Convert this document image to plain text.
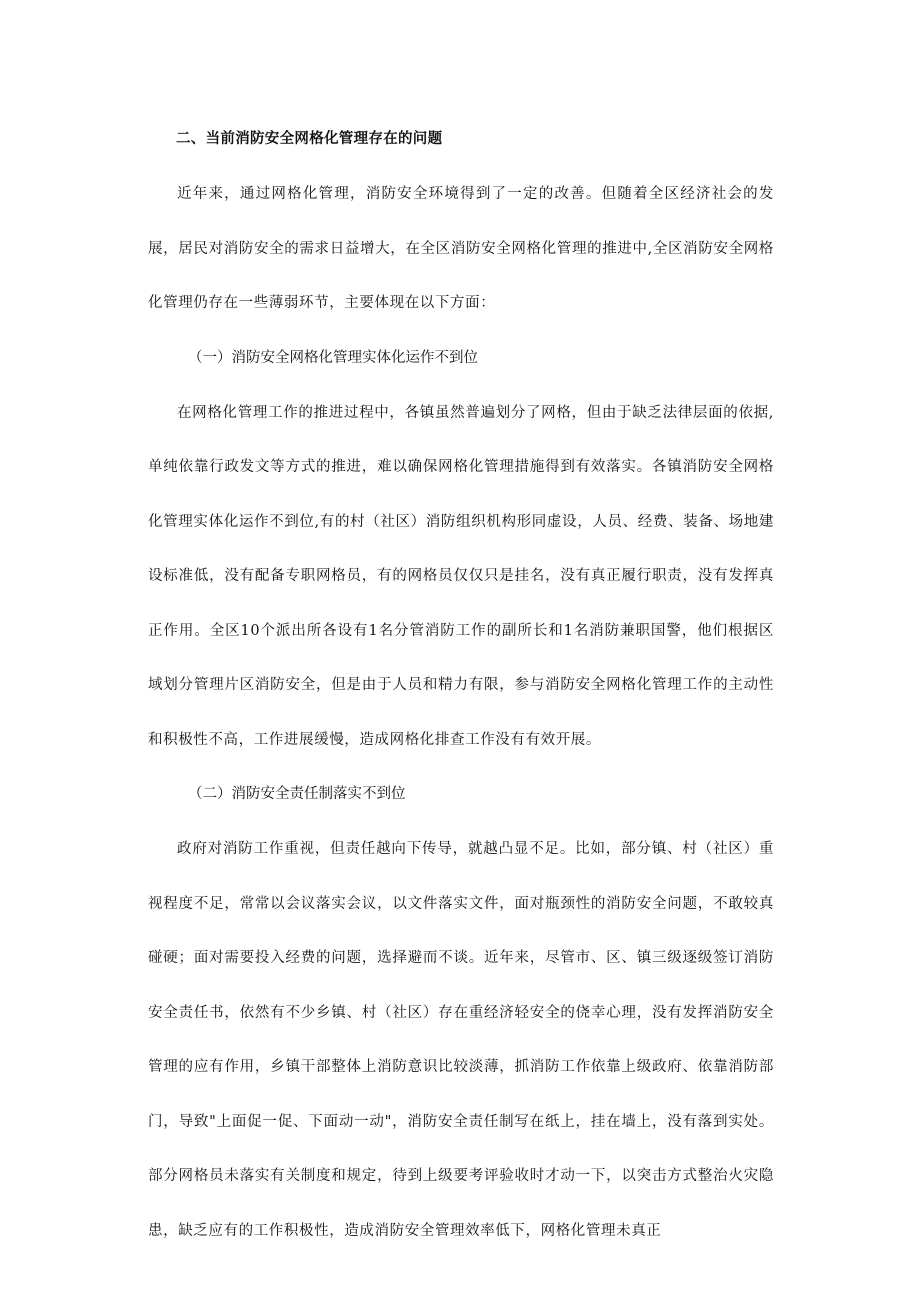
二、当前消防安全网格化管理存在的问题

近年来，通过网格化管理，消防安全环境得到了一定的改善。但随着全区经济社会的发展，居民对消防安全的需求日益增大，在全区消防安全网格化管理的推进中,全区消防安全网格化管理仍存在一些薄弱环节，主要体现在以下方面：

（一）消防安全网格化管理实体化运作不到位

在网格化管理工作的推进过程中，各镇虽然普遍划分了网格，但由于缺乏法律层面的依据,单纯依靠行政发文等方式的推进，难以确保网格化管理措施得到有效落实。各镇消防安全网格化管理实体化运作不到位,有的村（社区）消防组织机构形同虚设，人员、经费、装备、场地建设标准低，没有配备专职网格员，有的网格员仅仅只是挂名，没有真正履行职责，没有发挥真正作用。全区10个派出所各设有1名分管消防工作的副所长和1名消防兼职国警，他们根据区域划分管理片区消防安全，但是由于人员和精力有限，参与消防安全网格化管理工作的主动性和积极性不高，工作进展缓慢，造成网格化排查工作没有有效开展。

（二）消防安全责任制落实不到位

政府对消防工作重视，但责任越向下传导，就越凸显不足。比如，部分镇、村（社区）重视程度不足，常常以会议落实会议，以文件落实文件，面对瓶颈性的消防安全问题，不敢较真碰硬；面对需要投入经费的问题，选择避而不谈。近年来，尽管市、区、镇三级逐级签订消防安全责任书，依然有不少乡镇、村（社区）存在重经济轻安全的侥幸心理，没有发挥消防安全管理的应有作用，乡镇干部整体上消防意识比较淡薄，抓消防工作依靠上级政府、依靠消防部门，导致"上面促一促、下面动一动"，消防安全责任制写在纸上，挂在墙上，没有落到实处。部分网格员未落实有关制度和规定，待到上级要考评验收时才动一下，以突击方式整治火灾隐患，缺乏应有的工作积极性，造成消防安全管理效率低下，网格化管理未真正
